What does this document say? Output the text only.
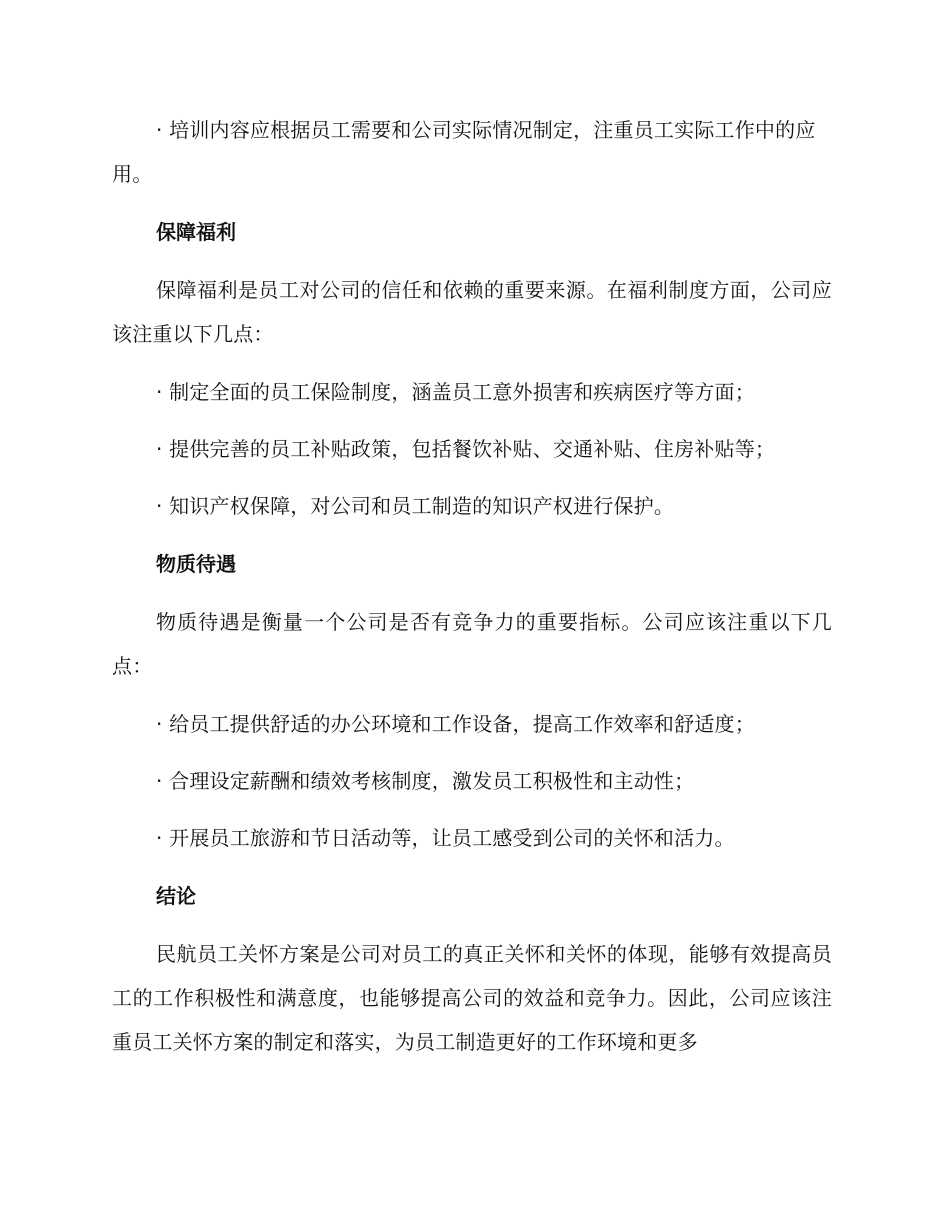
· 培训内容应根据员工需要和公司实际情况制定，注重员工实际工作中的应用。

保障福利

保障福利是员工对公司的信任和依赖的重要来源。在福利制度方面，公司应该注重以下几点：

· 制定全面的员工保险制度，涵盖员工意外损害和疾病医疗等方面；

· 提供完善的员工补贴政策，包括餐饮补贴、交通补贴、住房补贴等；

· 知识产权保障，对公司和员工制造的知识产权进行保护。

物质待遇

物质待遇是衡量一个公司是否有竞争力的重要指标。公司应该注重以下几点：

· 给员工提供舒适的办公环境和工作设备，提高工作效率和舒适度；

· 合理设定薪酬和绩效考核制度，激发员工积极性和主动性；

· 开展员工旅游和节日活动等，让员工感受到公司的关怀和活力。

结论

民航员工关怀方案是公司对员工的真正关怀和关怀的体现，能够有效提高员工的工作积极性和满意度，也能够提高公司的效益和竞争力。因此，公司应该注重员工关怀方案的制定和落实，为员工制造更好的工作环境和更多
